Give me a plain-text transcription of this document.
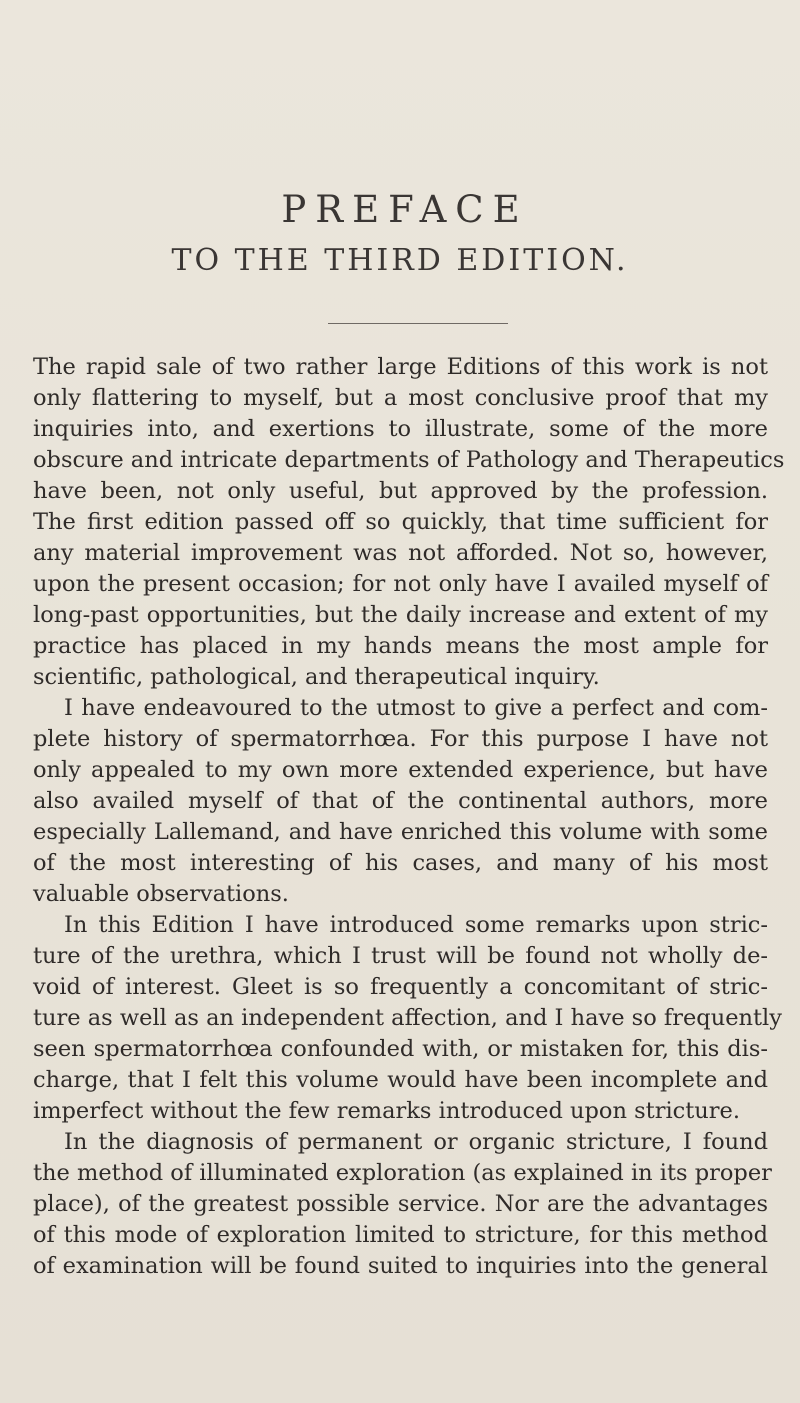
PREFACE
TO THE THIRD EDITION.
The rapid sale of two rather large Editions of this work is not
only flattering to myself, but a most conclusive proof that my
inquiries into, and exertions to illustrate, some of the more
obscure and intricate departments of Pathology and Therapeutics
have been, not only useful, but approved by the profession.
The first edition passed off so quickly, that time sufficient for
any material improvement was not afforded. Not so, however,
upon the present occasion; for not only have I availed myself of
long-past opportunities, but the daily increase and extent of my
practice has placed in my hands means the most ample for
scientific, pathological, and therapeutical inquiry.
I have endeavoured to the utmost to give a perfect and com-
plete history of spermatorrhœa. For this purpose I have not
only appealed to my own more extended experience, but have
also availed myself of that of the continental authors, more
especially Lallemand, and have enriched this volume with some
of the most interesting of his cases, and many of his most
valuable observations.
In this Edition I have introduced some remarks upon stric-
ture of the urethra, which I trust will be found not wholly de-
void of interest. Gleet is so frequently a concomitant of stric-
ture as well as an independent affection, and I have so frequently
seen spermatorrhœa confounded with, or mistaken for, this dis-
charge, that I felt this volume would have been incomplete and
imperfect without the few remarks introduced upon stricture.
In the diagnosis of permanent or organic stricture, I found
the method of illuminated exploration (as explained in its proper
place), of the greatest possible service. Nor are the advantages
of this mode of exploration limited to stricture, for this method
of examination will be found suited to inquiries into the general
